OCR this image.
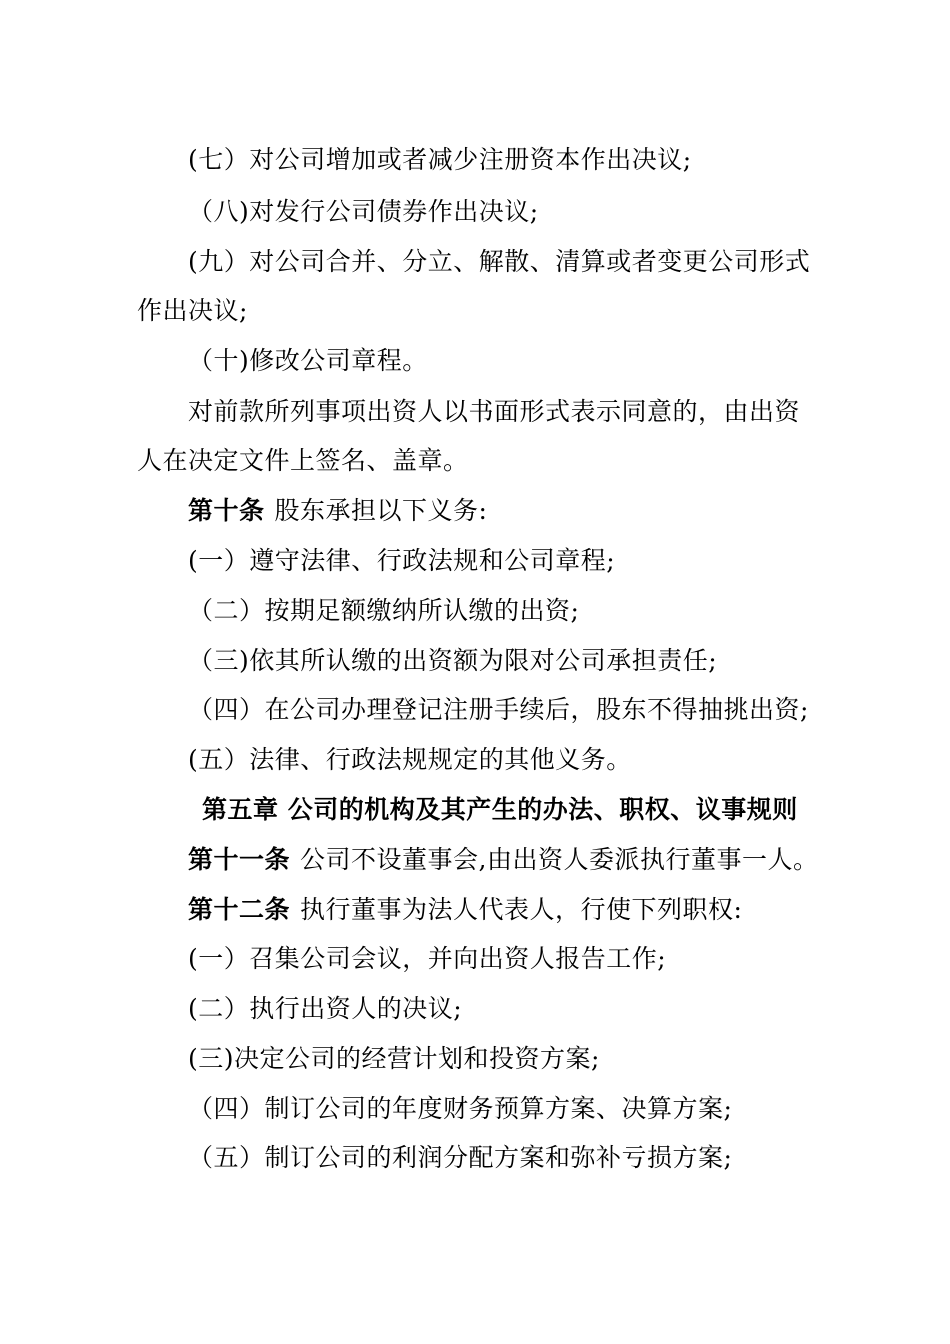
(七）对公司增加或者减少注册资本作出决议;
（八)对发行公司债券作出决议;
(九）对公司合并、分立、解散、清算或者变更公司形式
作出决议;
（十)修改公司章程。
对前款所列事项出资人以书面形式表示同意的，由出资
人在决定文件上签名、盖章。
第十条 股东承担以下义务:
(一）遵守法律、行政法规和公司章程;
（二）按期足额缴纳所认缴的出资;
（三)依其所认缴的出资额为限对公司承担责任;
（四）在公司办理登记注册手续后，股东不得抽挑出资;
(五）法律、行政法规规定的其他义务。
第五章 公司的机构及其产生的办法、职权、议事规则
第十一条 公司不设董事会,由出资人委派执行董事一人。
第十二条 执行董事为法人代表人，行使下列职权:
(一）召集公司会议，并向出资人报告工作;
(二）执行出资人的决议;
(三)决定公司的经营计划和投资方案;
（四）制订公司的年度财务预算方案、决算方案;
（五）制订公司的利润分配方案和弥补亏损方案;
